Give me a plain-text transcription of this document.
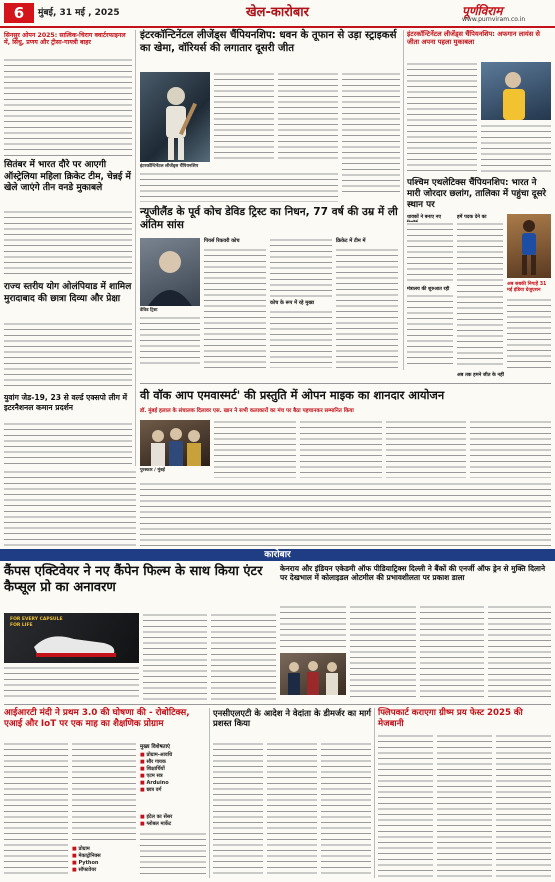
6	मुंबई, 31 मई , 2025	खेल-कारोबार	पूर्णविराम
www.purnviram.co.in
सिनसुर ओपन 2025: सात्विक-चिराग क्वार्टरफाइनल में, सिंधु, प्रणय और ट्रीसा-गायत्री बाहर
सितंबर में भारत दौरे पर आएगी ऑस्ट्रेलिया महिला क्रिकेट टीम, चेन्नई में खेले जाएंगे तीन वनडे मुकाबले
राज्य स्तरीय योग ओलंपियाड में शामिल मुरादाबाद की छात्रा दिव्या और प्रेक्षा
युवांग जेड-19, 23 से वर्ल्ड एक्सपो लीग में इटरनैशनल कमान प्रदर्शन
इंटरकॉन्टिनेंटल लीजेंड्स चैंपियनशिप: धवन के तूफान से उड़ा स्ट्राइकर्स का खेमा, वॉरियर्स की लगातार दूसरी जीत
इंटरकॉन्टिनेंटल लीजेंड्स चैंपियनशिप
न्यूजीलैंड के पूर्व कोच डेविड ट्रिस्ट का निधन, 77 वर्ष की उम्र में ली अंतिम सांस
डेविड ट्रिस्ट
पियर्स रिकवरी कोच
कोच के रूप में रहे मुख्य
क्रिकेट में टीम में
इंटरकॉन्टिनेंटल लीजेंड्स चैंपियनशिप: अफगान लायंस से जीता अपना पहला मुकाबला
पश्चिम एथलेटिक्स चैंपियनशिप: भारत ने मारी जोरदार छलांग, तालिका में पहुंचा दूसरे स्थान पर
धावकों ने बनाए नए
मंत्रालय की शुरुआत रही
हमें पदक देने का
अब सबकी निगाहें 31 मई इंडिया ग्रेजुएशन
अब तक हमने जीत के नहीं
वी वॉक आप एमवास्मर्ट' की प्रस्तुति में ओपन माइक का शानदार आयोजन
डॉ. मुंबई हलाल के संचालक दिलावर एस. खान ने सभी कलाकारों का मंच पर बैठा पहचानकर सम्मानित किया
पुरस्कार / मुंबई
कारोबार
कैंपस एक्टिवेयर ने नए कैंपेन फिल्म के साथ किया एंटर कैप्सूल प्रो का अनावरण
FOR EVERY CAPSULE FOR LIFE
केनराय और इंडियन एकेडमी ऑफ पीडियाट्रिक्स दिल्ली ने बैंकों की एनर्जी ऑफ ड्रेन से मुक्ति दिलाने पर देखभाल में कोलाइडल ओटमील की प्रभावशीलता पर प्रकाश डाला
आईआरटी मंदी ने प्रथम 3.0 की घोषणा की - रोबोटिक्स, एआई और IoT पर एक माह का शैक्षणिक प्रोग्राम
■ प्रोग्राम
■ मेकाट्रोनिक्स
■ Python
■ सॉफ्टवेयर
मुख्य विशेषताएं
■ प्रोग्राम-आवधि
■ सौर गायक
■ शिक्षार्थियों
■ एटम सत्र
■ Arduino
■ छात्र वर्ग
■ इंटेल का सेंसर
■ ग्लोबल मार्केट
एनसीएलएटी के आदेश ने वेदांता के डीमर्जर का मार्ग प्रशस्त किया
फ्लिपकार्ट कराएगा ग्रीष्म प्रय फेस्ट 2025 की मेजबानी
